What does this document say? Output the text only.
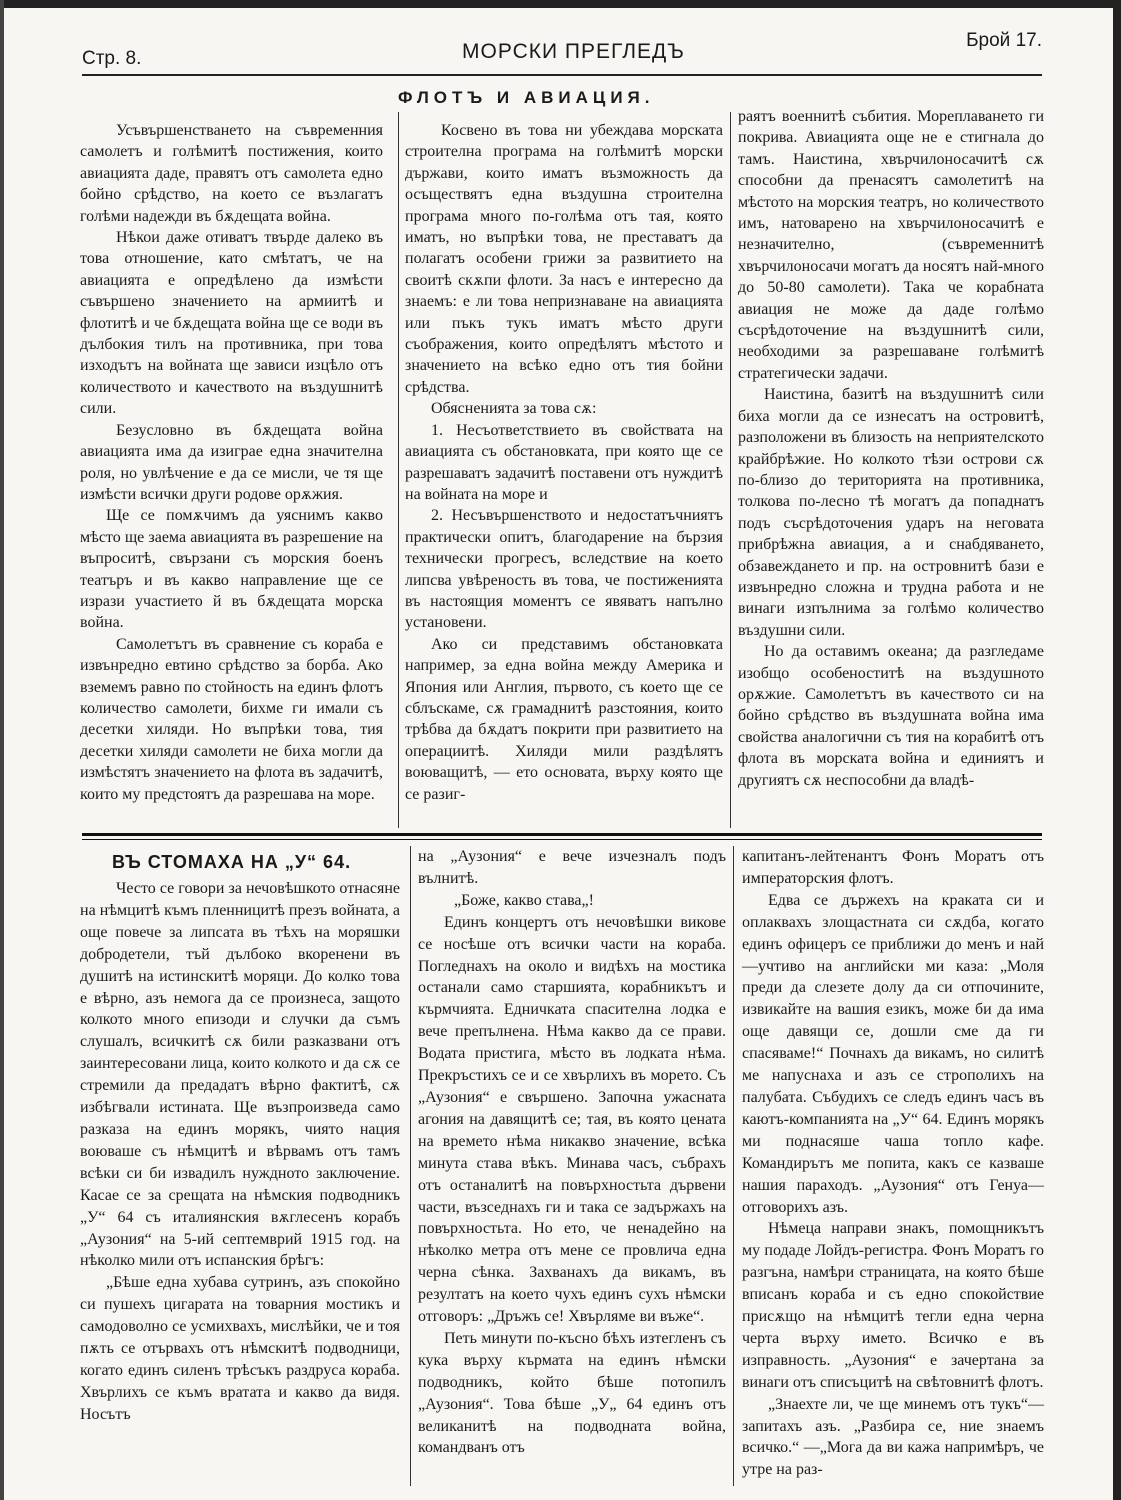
Стр. 8.	МОРСКИ ПРЕГЛЕДЪ	Брой 17.
ФЛОТЪ И АВИАЦИЯ.

Усъвършенстването на съвременния самолетъ и голѣмитѣ постижения, които авиацията даде, правятъ отъ самолета едно бойно срѣдство, на което се възлагатъ голѣми надежди въ бѫдещата война.

Нѣкои даже отиватъ твърде далеко въ това отношение, като смѣтатъ, че на авиацията е опредѣлено да измѣсти съвършено значението на армиитѣ и флотитѣ и че бѫдещата война ще се води въ дълбокия тилъ на противника, при това изходътъ на войната ще зависи изцѣло отъ количеството и качеството на въздушнитѣ сили.

Безусловно въ бѫдещата война авиацията има да изиграе една значителна роля, но увлѣчение е да се мисли, че тя ще измѣсти всички други родове орѫжия.

Ще се помѫчимъ да уяснимъ какво мѣсто ще заема авиацията въ разрешение на въпроситѣ, свързани съ морския боенъ театъръ и въ какво направление ще се изрази участието й въ бѫдещата морска война.

Самолетътъ въ сравнение съ кораба е извънредно евтино срѣдство за борба. Ако вземемъ равно по стойность на единъ флотъ количество самолети, бихме ги имали съ десетки хиляди. Но въпрѣки това, тия десетки хиляди самолети не биха могли да измѣстятъ значението на флота въ задачитѣ, които му предстоятъ да разрешава на море.

Косвено въ това ни убеждава морската строителна програма на голѣмитѣ морски държави, които иматъ възможность да осъществятъ една въздушна строителна програма много по-голѣма отъ тая, която иматъ, но въпрѣки това, не преставатъ да полагатъ особени грижи за развитието на своитѣ скѫпи флоти. За насъ е интересно да знаемъ: е ли това непризнаване на авиацията или пъкъ тукъ иматъ мѣсто други съображения, които опредѣлятъ мѣстото и значението на всѣко едно отъ тия бойни срѣдства.

Обясненията за това сѫ:

1. Несъответствието въ свойствата на авиацията съ обстановката, при която ще се разрешаватъ задачитѣ поставени отъ нуждитѣ на войната на море и

2. Несъвършенството и недостатъчниятъ практически опитъ, благодарение на бързия технически прогресъ, вследствие на което липсва увѣреность въ това, че постиженията въ настоящия моментъ се явяватъ напълно установени.

Ако си представимъ обстановката например, за една война между Америка и Япония или Англия, първото, съ което ще се сблъскаме, сѫ грамаднитѣ разстояния, които трѣбва да бѫдатъ покрити при развитието на операциитѣ. Хиляди мили раздѣлятъ воюващитѣ, — ето основата, върху която ще се разиг-

раятъ военнитѣ събития. Мореплаването ги покрива. Авиацията още не е стигнала до тамъ. Наистина, хвърчилоносачитѣ сѫ способни да пренасятъ самолетитѣ на мѣстото на морския театръ, но количеството имъ, натоварено на хвърчилоносачитѣ е незначително, (съвременнитѣ хвърчилоносачи могатъ да носятъ най-много до 50-80 самолети). Така че корабната авиация не може да даде голѣмо съсрѣдоточение на въздушнитѣ сили, необходими за разрешаване голѣмитѣ стратегически задачи.

Наистина, базитѣ на въздушнитѣ сили биха могли да се изнесатъ на островитѣ, разположени въ близость на неприятелското крайбрѣжие. Но колкото тѣзи острови сѫ по-близо до територията на противника, толкова по-лесно тѣ могатъ да попаднатъ подъ съсрѣдоточения ударъ на неговата прибрѣжна авиация, а и снабдяването, обзавеждането и пр. на островнитѣ бази е извънредно сложна и трудна работа и не винаги изпълнима за голѣмо количество въздушни сили.

Но да оставимъ океана; да разгледаме изобщо особеноститѣ на въздушното орѫжие. Самолетътъ въ качеството си на бойно срѣдство въ въздушната война има свойства аналогични съ тия на корабитѣ отъ флота въ морската война и единиятъ и другиятъ сѫ неспособни да владѣ-

ВЪ СТОМАХА НА „У“ 64.

Често се говори за нечовѣшкото отнасяне на нѣмцитѣ къмъ пленницитѣ презъ войната, а още повече за липсата въ тѣхъ на моряшки добродетели, тъй дълбоко вкоренени въ душитѣ на истинскитѣ моряци. До колко това е вѣрно, азъ немога да се произнеса, защото колкото много епизоди и случки да съмъ слушалъ, всичкитѣ сѫ били разказвани отъ заинтересовани лица, които колкото и да сѫ се стремили да предадатъ вѣрно фактитѣ, сѫ избѣгвали истината. Ще възпроизведа само разказа на единъ морякъ, чиято нация воюваше съ нѣмцитѣ и вѣрвамъ отъ тамъ всѣки си би извадилъ нуждното заключение. Касае се за срещата на нѣмския подводникъ „У“ 64 съ италиянския вѫглесенъ корабъ „Аузония“ на 5-ий септемврий 1915 год. на нѣколко мили отъ испанския брѣгъ:

„Бѣше една хубава сутринъ, азъ спокойно си пушехъ цигарата на товарния мостикъ и самодоволно се усмихвахъ, мислѣйки, че и тоя пѫть се отървахъ отъ нѣмскитѣ подводници, когато единъ силенъ трѣсъкъ раздруса кораба. Хвърлихъ се къмъ вратата и какво да видя. Носътъ

на „Аузония“ е вече изчезналъ подъ вълнитѣ.

„Боже, какво става„!

Единъ концертъ отъ нечовѣшки викове се носѣше отъ всички части на кораба. Погледнахъ на около и видѣхъ на мостика останали само старшията, корабникътъ и кърмчията. Едничката спасителна лодка е вече препълнена. Нѣма какво да се прави. Водата пристига, мѣсто въ лодката нѣма. Прекръстихъ се и се хвърлихъ въ морето. Съ „Аузония“ е свършено. Започна ужасната агония на давящитѣ се; тая, въ която цената на времето нѣма никакво значение, всѣка минута става вѣкъ. Минава часъ, събрахъ отъ останалитѣ на повърхностьта дървени части, възседнахъ ги и така се задържахъ на повърхностьта. Но ето, че ненадейно на нѣколко метра отъ мене се провлича една черна сѣнка. Захванахъ да викамъ, въ резултатъ на което чухъ единъ сухъ нѣмски отговоръ: „Дръжъ се! Хвърляме ви въже“.

Петь минути по-късно бѣхъ изтегленъ съ кука върху кърмата на единъ нѣмски подводникъ, който бѣше потопилъ „Аузония“. Това бѣше „У„ 64 единъ отъ великанитѣ на подводната война, командванъ отъ

капитанъ-лейтенантъ Фонъ Моратъ отъ императорския флотъ.

Едва се държехъ на краката си и оплаквахъ злощастната си сѫдба, когато единъ офицеръ се приближи до менъ и най—учтиво на английски ми каза: „Моля преди да слезете долу да си отпочините, извикайте на вашия езикъ, може би да има още давящи се, дошли сме да ги спасяваме!“ Почнахъ да викамъ, но силитѣ ме напуснаха и азъ се строполихъ на палубата. Събудихъ се следъ единъ часъ въ каютъ-компанията на „У“ 64. Единъ морякъ ми поднасяше чаша топло кафе. Командирътъ ме попита, какъ се казваше нашия параходъ. „Аузония“ отъ Генуа—отговорихъ азъ.

Нѣмеца направи знакъ, помощникътъ му подаде Лойдъ-регистра. Фонъ Моратъ го разгъна, намѣри страницата, на която бѣше вписанъ кораба и съ едно спокойствие присѫщо на нѣмцитѣ тегли една черна черта върху името. Всичко е въ изправность. „Аузония“ е зачертана за винаги отъ списъцитѣ на свѣтовнитѣ флотъ.

„Знаехте ли, че ще минемъ отъ тукъ“—запитахъ азъ. „Разбира се, ние знаемъ всичко.“ —„Мога да ви кажа напримѣръ, че утре на раз-
